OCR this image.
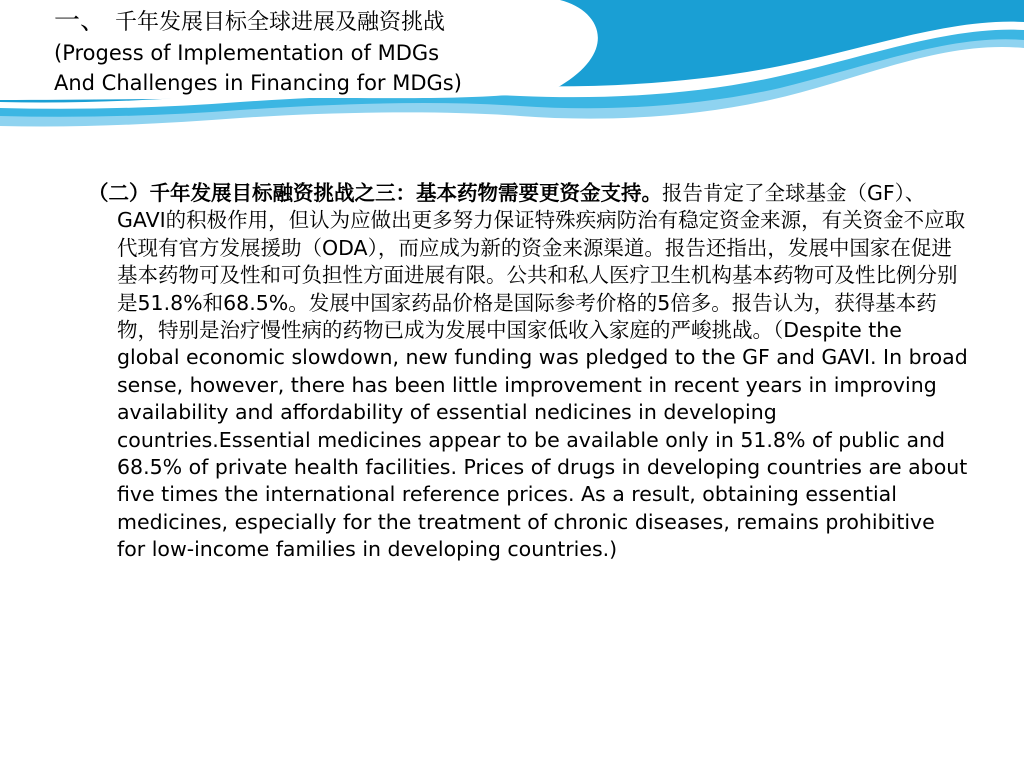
一、 千年发展目标全球进展及融资挑战
(Progess of Implementation of MDGs
And Challenges in Financing for MDGs)

（二）千年发展目标融资挑战之三：基本药物需要更资金支持。报告肯定了全球基金（GF）、GAVI的积极作用，但认为应做出更多努力保证特殊疾病防治有稳定资金来源，有关资金不应取代现有官方发展援助（ODA），而应成为新的资金来源渠道。报告还指出，发展中国家在促进基本药物可及性和可负担性方面进展有限。公共和私人医疗卫生机构基本药物可及性比例分别是51.8%和68.5%。发展中国家药品价格是国际参考价格的5倍多。报告认为，获得基本药物，特别是治疗慢性病的药物已成为发展中国家低收入家庭的严峻挑战。（Despite the global economic slowdown, new funding was pledged to the GF and GAVI. In broad sense, however, there has been little improvement in recent years in improving availability and affordability of essential nedicines in developing countries.Essential medicines appear to be available only in 51.8% of public and 68.5% of private health facilities. Prices of drugs in developing countries are about five times the international reference prices. As a result, obtaining essential medicines, especially for the treatment of chronic diseases, remains prohibitive for low-income families in developing countries.)
